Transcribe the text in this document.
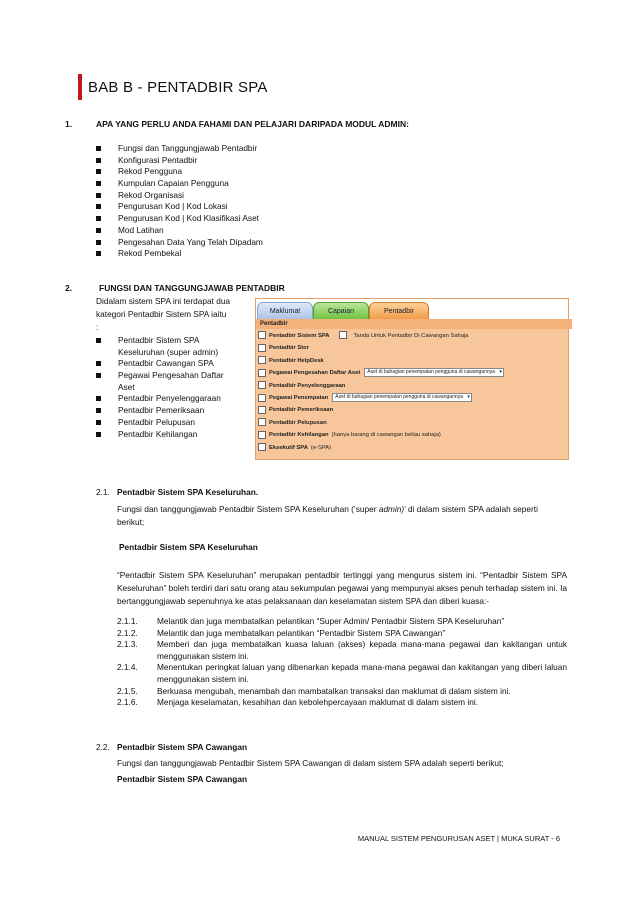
BAB B - PENTADBIR SPA
1.	APA YANG PERLU ANDA FAHAMI DAN PELAJARI DARIPADA MODUL ADMIN:
Fungsi dan Tanggungjawab Pentadbir
Konfigurasi Pentadbir
Rekod Pengguna
Kumpulan Capaian Pengguna
Rekod Organisasi
Pengurusan Kod | Kod Lokasi
Pengurusan Kod | Kod Klasifikasi Aset
Mod Latihan
Pengesahan Data Yang Telah Dipadam
Rekod Pembekal
2.	FUNGSI DAN TANGGUNGJAWAB PENTADBIR
Didalam sistem SPA ini terdapat dua
kategori Pentadbir Sistem SPA iaitu
:
Pentadbir Sistem SPA
Keseluruhan (super admin)
Pentadbir Cawangan SPA
Pegawai Pengesahan Daftar
Aset
Pentadbir Penyelenggaraan
Pentadbir Pemeriksaan
Pentadbir Pelupusan
Pentadbir Kehilangan
Maklumat	Capaian	Pentadbir
Pentadbir
Pentadbir Sistem SPA	Tanda Untuk Pentadbir Di Cawangan Sahaja
Pentadbir Stor
Pentadbir HelpDesk
Pegawai Pengesahan Daftar Aset Aset di bahagian penempatan pengguna di cawangannya ▾
Pentadbir Penyelenggaraan
Pegawai Penempatan Aset di bahagian penempatan pengguna di cawangannya ▾
Pentadbir Pemeriksaan
Pentadbir Pelupusan
Pentadbir Kehilangan (hanya barang di cawangan beliau sahaja)
Eksekutif SPA (e-SPA)
2.1. Pentadbir Sistem SPA Keseluruhan.
Fungsi dan tanggungjawab Pentadbir Sistem SPA Keseluruhan (‘super admin)’ di dalam sistem SPA adalah seperti berikut;
Pentadbir Sistem SPA Keseluruhan
“Pentadbir Sistem SPA Keseluruhan” merupakan pentadbir tertinggi yang mengurus sistem ini. “Pentadbir Sistem SPA Keseluruhan” boleh terdiri dari satu orang atau sekumpulan pegawai yang mempunyai akses penuh terhadap sistem ini. Ia bertanggungjawab sepenuhnya ke atas pelaksanaan dan keselamatan sistem SPA dan diberi kuasa:-
2.1.1.	Melantik dan juga membatalkan pelantikan “Super Admin/ Pentadbir Sistem SPA Keseluruhan”
2.1.2.	Melantik dan juga membatalkan pelantikan “Pentadbir Sistem SPA Cawangan”
2.1.3.	Memberi dan juga membatalkan kuasa laluan (akses) kepada mana-mana pegawai dan kakitangan untuk menggunakan sistem ini.
2.1.4.	Menentukan peringkat laluan yang dibenarkan kepada mana-mana pegawai dan kakitangan yang diberi laluan menggunakan sistem ini.
2.1.5.	Berkuasa mengubah, menambah dan mambatalkan transaksi dan maklumat di dalam sistem ini.
2.1.6.	Menjaga keselamatan, kesahihan dan kebolehpercayaan maklumat di dalam sistem ini.
2.2. Pentadbir Sistem SPA Cawangan
Fungsi dan tanggungjawab Pentadbir Sistem SPA Cawangan di dalam sistem SPA adalah seperti berikut;
Pentadbir Sistem SPA Cawangan
MANUAL SISTEM PENGURUSAN ASET | MUKA SURAT - 6
